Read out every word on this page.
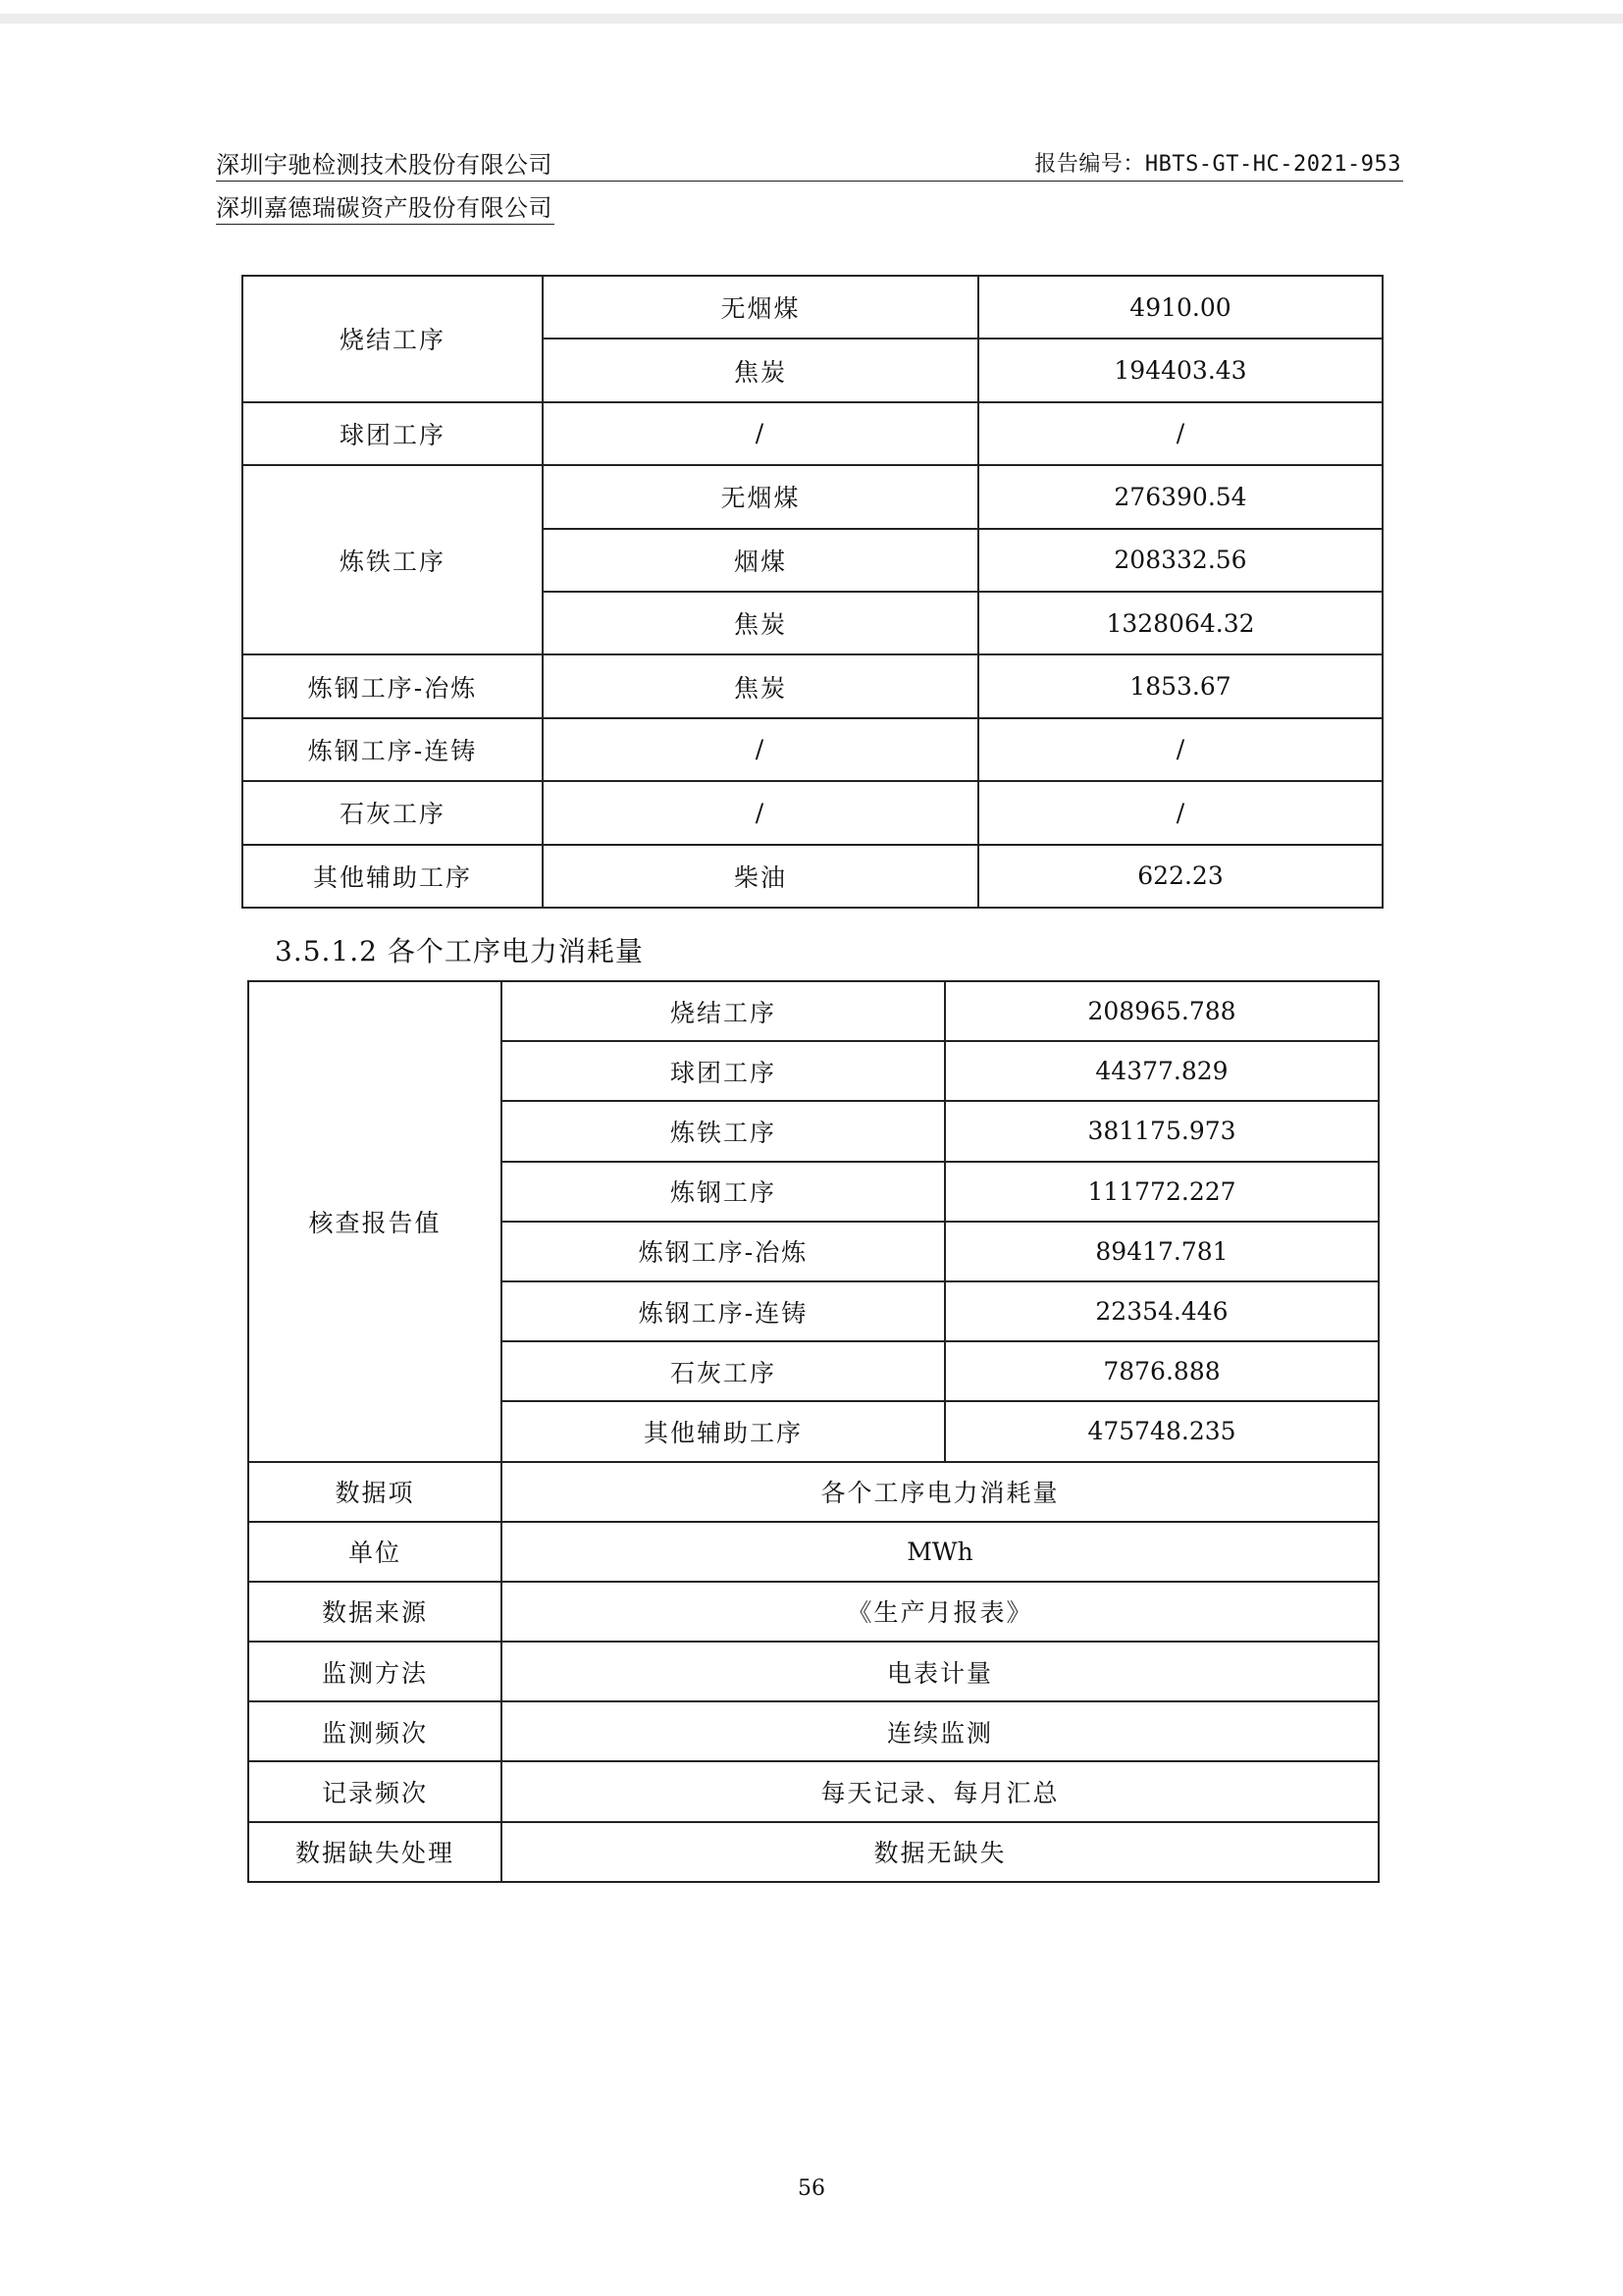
深圳宇驰检测技术股份有限公司	报告编号：HBTS-GT-HC-2021-953
深圳嘉德瑞碳资产股份有限公司
烧结工序	无烟煤	4910.00
	焦炭	194403.43
球团工序	/	/
炼铁工序	无烟煤	276390.54
	烟煤	208332.56
	焦炭	1328064.32
炼钢工序-冶炼	焦炭	1853.67
炼钢工序-连铸	/	/
石灰工序	/	/
其他辅助工序	柴油	622.23
3.5.1.2 各个工序电力消耗量
核查报告值	烧结工序	208965.788
	球团工序	44377.829
	炼铁工序	381175.973
	炼钢工序	111772.227
	炼钢工序-冶炼	89417.781
	炼钢工序-连铸	22354.446
	石灰工序	7876.888
	其他辅助工序	475748.235
数据项	各个工序电力消耗量	
单位	MWh	
数据来源	《生产月报表》	
监测方法	电表计量	
监测频次	连续监测	
记录频次	每天记录、每月汇总	
数据缺失处理	数据无缺失	
56
